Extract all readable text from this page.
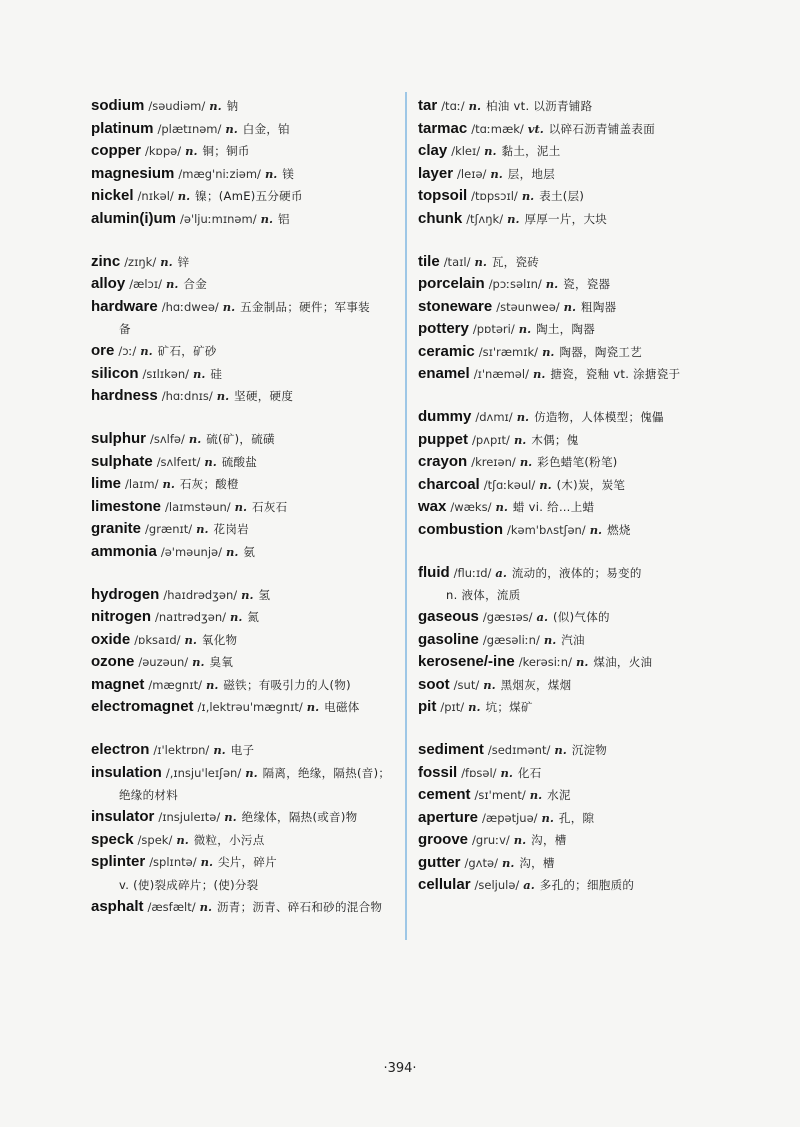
sodium /səudiəm/ n. 钠
platinum /plætɪnəm/ n. 白金，铂
copper /kɒpə/ n. 铜；铜币
magnesium /mæg'niːziəm/ n. 镁
nickel /nɪkəl/ n. 镍；(AmE)五分硬币
alumin(i)um /ə'ljuːmɪnəm/ n. 铝
zinc /zɪŋk/ n. 锌
alloy /ælɔɪ/ n. 合金
hardware /hɑːdweə/ n. 五金制品；硬件；军事装
备
ore /ɔː/ n. 矿石，矿砂
silicon /sɪlɪkən/ n. 硅
hardness /hɑːdnɪs/ n. 坚硬，硬度
sulphur /sʌlfə/ n. 硫(矿)，硫磺
sulphate /sʌlfeɪt/ n. 硫酸盐
lime /laɪm/ n. 石灰；酸橙
limestone /laɪmstəun/ n. 石灰石
granite /grænɪt/ n. 花岗岩
ammonia /ə'məunjə/ n. 氨
hydrogen /haɪdrədʒən/ n. 氢
nitrogen /naɪtrədʒən/ n. 氮
oxide /ɒksaɪd/ n. 氧化物
ozone /əuzəun/ n. 臭氧
magnet /mægnɪt/ n. 磁铁；有吸引力的人(物)
electromagnet /ɪ,lektrəu'mægnɪt/ n. 电磁体
electron /ɪ'lektrɒn/ n. 电子
insulation /,ɪnsju'leɪʃən/ n. 隔离，绝缘，隔热(音)；
绝缘的材料
insulator /ɪnsjuleɪtə/ n. 绝缘体，隔热(或音)物
speck /spek/ n. 微粒，小污点
splinter /splɪntə/ n. 尖片，碎片
v. (使)裂成碎片；(使)分裂
asphalt /æsfælt/ n. 沥青；沥青、碎石和砂的混合物
tar /tɑː/ n. 柏油 vt. 以沥青铺路
tarmac /tɑːmæk/ vt. 以碎石沥青铺盖表面
clay /kleɪ/ n. 黏土，泥土
layer /leɪə/ n. 层，地层
topsoil /tɒpsɔɪl/ n. 表土(层)
chunk /tʃʌŋk/ n. 厚厚一片，大块
tile /taɪl/ n. 瓦，瓷砖
porcelain /pɔːsəlɪn/ n. 瓷，瓷器
stoneware /stəunweə/ n. 粗陶器
pottery /pɒtəri/ n. 陶土，陶器
ceramic /sɪ'ræmɪk/ n. 陶器，陶瓷工艺
enamel /ɪ'næməl/ n. 搪瓷，瓷釉 vt. 涂搪瓷于
dummy /dʌmɪ/ n. 仿造物，人体模型；傀儡
puppet /pʌpɪt/ n. 木偶；傀
crayon /kreɪən/ n. 彩色蜡笔(粉笔)
charcoal /tʃɑːkəul/ n. (木)炭，炭笔
wax /wæks/ n. 蜡 vi. 给…上蜡
combustion /kəm'bʌstʃən/ n. 燃烧
fluid /fluːɪd/ a. 流动的，液体的；易变的
n. 液体，流质
gaseous /gæsɪəs/ a. (似)气体的
gasoline /gæsəliːn/ n. 汽油
kerosene/-ine /kerəsiːn/ n. 煤油，火油
soot /sut/ n. 黑烟灰，煤烟
pit /pɪt/ n. 坑；煤矿
sediment /sedɪmənt/ n. 沉淀物
fossil /fɒsəl/ n. 化石
cement /sɪ'ment/ n. 水泥
aperture /æpətjuə/ n. 孔，隙
groove /gruːv/ n. 沟，槽
gutter /gʌtə/ n. 沟，槽
cellular /seljulə/ a. 多孔的；细胞质的
·394·
